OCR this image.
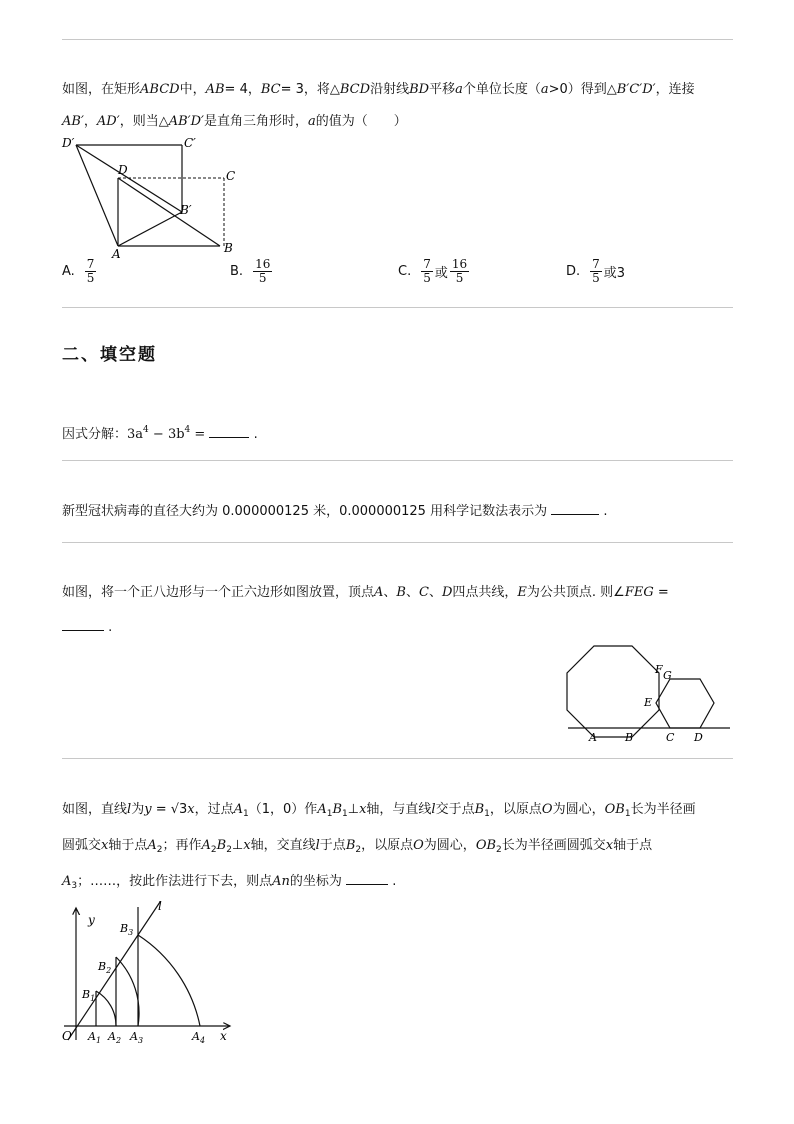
如图，在矩形ABCD中，AB= 4，BC= 3，将△BCD沿射线BD平移a个单位长度（a>0）得到△B′C′D′，连接
AB′，AD′，则当△AB′D′是直角三角形时，a的值为（　　）
D′	C′
D	C
B′
A	B
A. $\frac{7}{5}$	B. $\frac{16}{5}$	C. $\frac{7}{5}$ 或 $\frac{16}{5}$	D. $\frac{7}{5}$ 或3
二、填空题
因式分解：$3a^4 - 3b^4$ =	.
新型冠状病毒的直径大约为 0.000000125 米，0.000000125 用科学记数法表示为	.
如图，将一个正八边形与一个正六边形如图放置，顶点A、B、C、D四点共线，E为公共顶点. 则∠FEG =
.
F G
E
A	B	C D
如图，直线l为y = √3x，过点$A_1(1$，0）作$A_1B_1\perp x$轴，与直线l交于点$B_1$，以原点O为圆心，$OB_1$长为半径画
圆弧交x轴于点$A_2$；再作$A_2B_2\perp x$轴，交直线l于点$B_2$，以原点O为圆心，$OB_2$长为半径画圆弧交x轴于点
$A_3$；……，按此作法进行下去，则点An的坐标为	.
y
l
x
O
$B_3$
$B_2$
$B_1$
$A_1$ $A_2$ $A_3$	$A_4$
